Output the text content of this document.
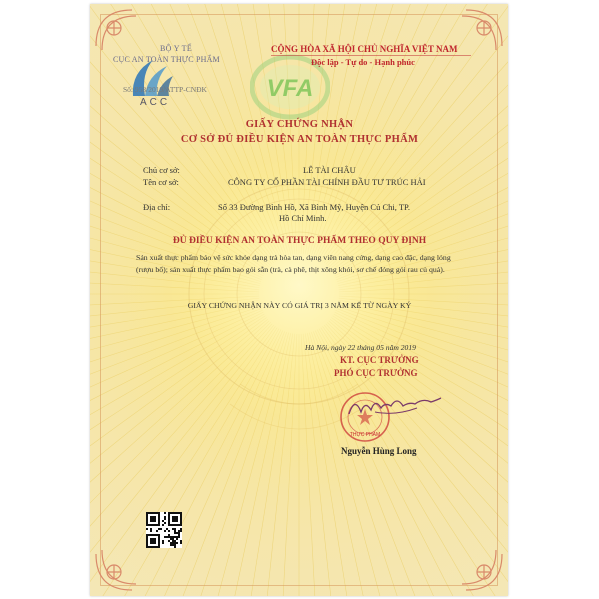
VFA
BỘ Y TẾ
CỤC AN TOÀN THỰC PHẨM
Số: 958/2019/ATTP-CNĐK
ACC
CỘNG HÒA XÃ HỘI CHỦ NGHĨA VIỆT NAM
Độc lập - Tự do - Hạnh phúc
GIẤY CHỨNG NHẬN
CƠ SỞ ĐỦ ĐIỀU KIỆN AN TOÀN THỰC PHẨM
Chủ cơ sở:	LÊ TÀI CHÂU
Tên cơ sở:	CÔNG TY CỔ PHẦN TÀI CHÍNH ĐẦU TƯ TRÚC HẢI
Địa chỉ:	Số 33 Đường Bình Hồ, Xã Bình Mỹ, Huyện Củ Chi, TP.
Hồ Chí Minh.
ĐỦ ĐIỀU KIỆN AN TOÀN THỰC PHẨM THEO QUY ĐỊNH
Sản xuất thực phẩm bảo vệ sức khỏe dạng trà hòa tan, dạng viên nang cứng, dạng cao đặc, dạng lỏng (rượu bổ); sản xuất thực phẩm bao gói sẵn (trà, cà phê, thịt xông khói, sơ chế đóng gói rau củ quả).
GIẤY CHỨNG NHẬN NÀY CÓ GIÁ TRỊ 3 NĂM KỂ TỪ NGÀY KÝ
Hà Nội, ngày 22 tháng 05 năm 2019
KT. CỤC TRƯỞNG
PHÓ CỤC TRƯỞNG
THỰC PHẨM
Nguyễn Hùng Long
